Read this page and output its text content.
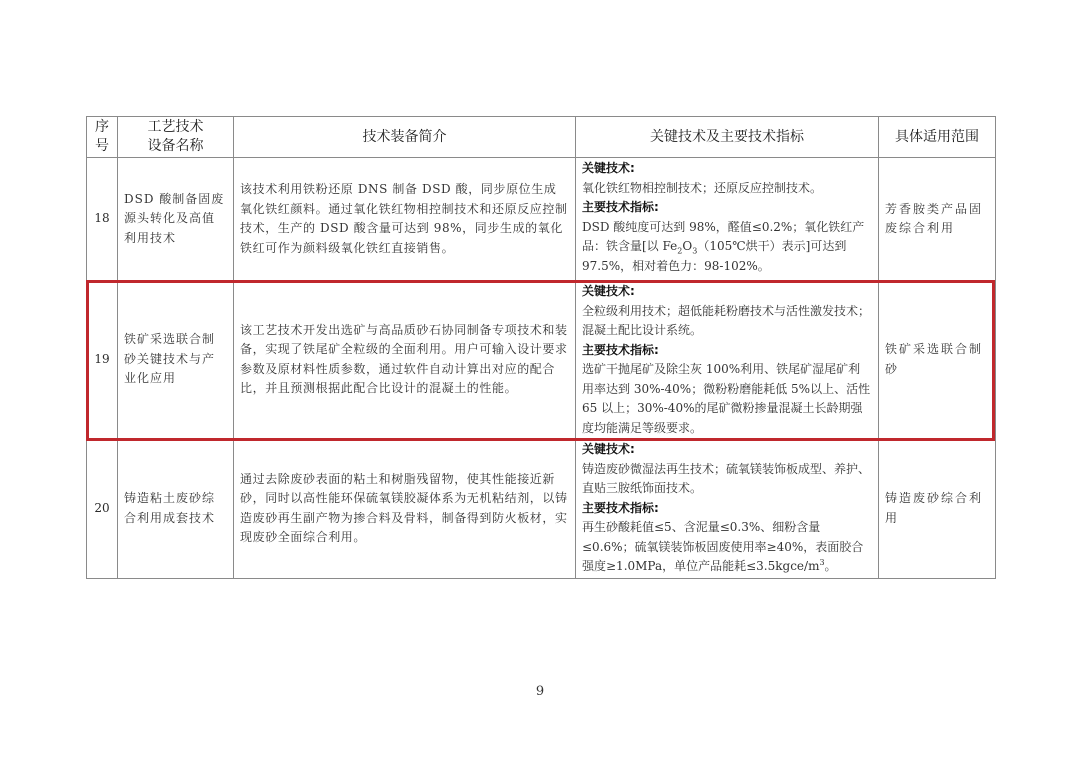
序
号	工艺技术
设备名称	技术装备简介	关键技术及主要技术指标	具体适用范围
18	DSD 酸制备固废源头转化及高值利用技术	该技术利用铁粉还原 DNS 制备 DSD 酸，同步原位生成氧化铁红颜料。通过氧化铁红物相控制技术和还原反应控制技术，生产的 DSD 酸含量可达到 98%，同步生成的氧化铁红可作为颜料级氧化铁红直接销售。	关键技术:
氧化铁红物相控制技术；还原反应控制技术。
主要技术指标:
DSD 酸纯度可达到 98%，醛值≤0.2%；氧化铁红产品：铁含量[以 $Fe_2O_3(105℃$烘干）表示]可达到 97.5%，相对着色力：98-102%。	芳香胺类产品固废综合利用
19	铁矿采选联合制砂关键技术与产业化应用	该工艺技术开发出选矿与高品质砂石协同制备专项技术和装备，实现了铁尾矿全粒级的全面利用。用户可输入设计要求参数及原材料性质参数，通过软件自动计算出对应的配合比，并且预测根据此配合比设计的混凝土的性能。	关键技术:
全粒级利用技术；超低能耗粉磨技术与活性激发技术；混凝土配比设计系统。
主要技术指标:
选矿干抛尾矿及除尘灰 100%利用、铁尾矿湿尾矿利用率达到 30%-40%；微粉粉磨能耗低 5%以上、活性 65 以上；30%-40%的尾矿微粉掺量混凝土长龄期强度均能满足等级要求。	铁矿采选联合制砂
20	铸造粘土废砂综合利用成套技术	通过去除废砂表面的粘土和树脂残留物，使其性能接近新砂，同时以高性能环保硫氧镁胶凝体系为无机粘结剂，以铸造废砂再生副产物为掺合料及骨料，制备得到防火板材，实现废砂全面综合利用。	关键技术:
铸造废砂微湿法再生技术；硫氧镁装饰板成型、养护、直贴三胺纸饰面技术。
主要技术指标:
再生砂酸耗值≤5、含泥量≤0.3%、细粉含量≤0.6%；硫氧镁装饰板固废使用率≥40%，表面胶合强度≥1.0MPa，单位产品能耗$\le 3.5kgce/m^3$。	铸造废砂综合利用
9
